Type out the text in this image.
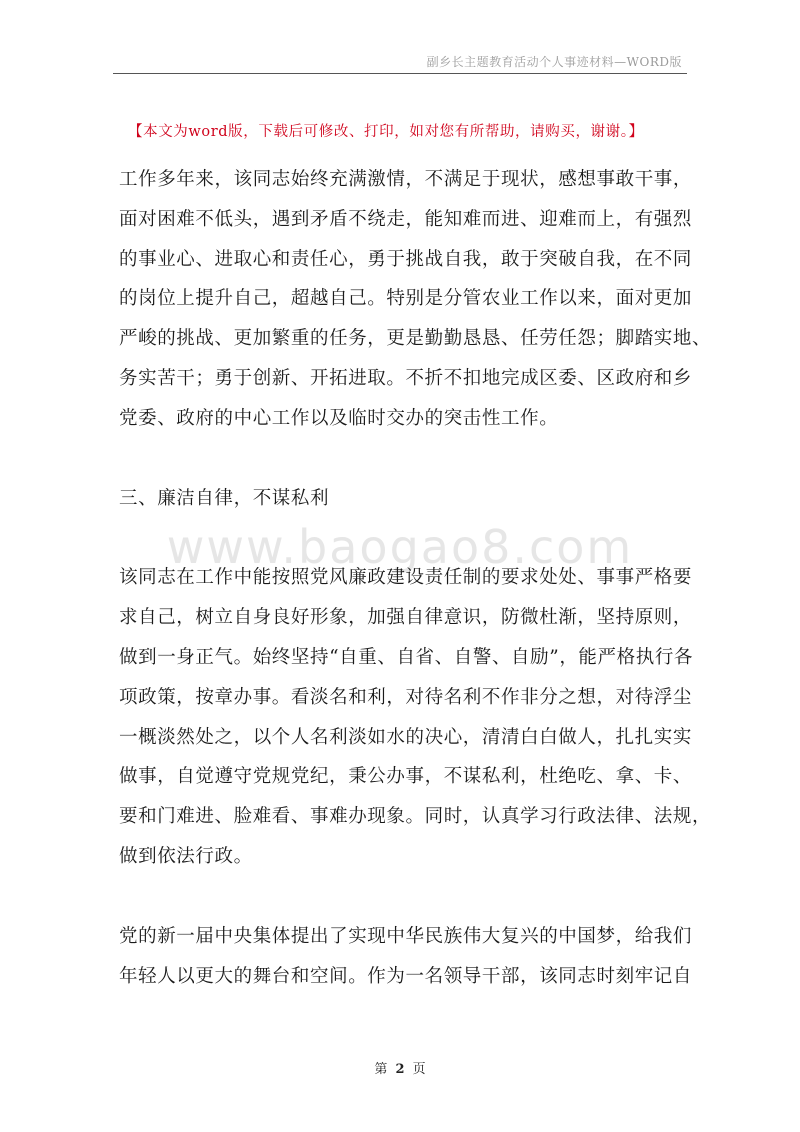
副乡长主题教育活动个人事迹材料—WORD版
【本文为word版，下载后可修改、打印，如对您有所帮助，请购买，谢谢。】
www.baogao8.com

工作多年来，该同志始终充满激情，不满足于现状，感想事敢干事，
面对困难不低头，遇到矛盾不绕走，能知难而进、迎难而上，有强烈
的事业心、进取心和责任心，勇于挑战自我，敢于突破自我，在不同
的岗位上提升自己，超越自己。特别是分管农业工作以来，面对更加
严峻的挑战、更加繁重的任务，更是勤勤恳恳、任劳任怨；脚踏实地、
务实苦干；勇于创新、开拓进取。不折不扣地完成区委、区政府和乡
党委、政府的中心工作以及临时交办的突击性工作。

三、廉洁自律，不谋私利

该同志在工作中能按照党风廉政建设责任制的要求处处、事事严格要
求自己，树立自身良好形象，加强自律意识，防微杜渐，坚持原则，
做到一身正气。始终坚持“自重、自省、自警、自励”，能严格执行各
项政策，按章办事。看淡名和利，对待名利不作非分之想，对待浮尘
一概淡然处之，以个人名利淡如水的决心，清清白白做人，扎扎实实
做事，自觉遵守党规党纪，秉公办事，不谋私利，杜绝吃、拿、卡、
要和门难进、脸难看、事难办现象。同时，认真学习行政法律、法规，
做到依法行政。

党的新一届中央集体提出了实现中华民族伟大复兴的中国梦，给我们
年轻人以更大的舞台和空间。作为一名领导干部，该同志时刻牢记自

第 2 页
